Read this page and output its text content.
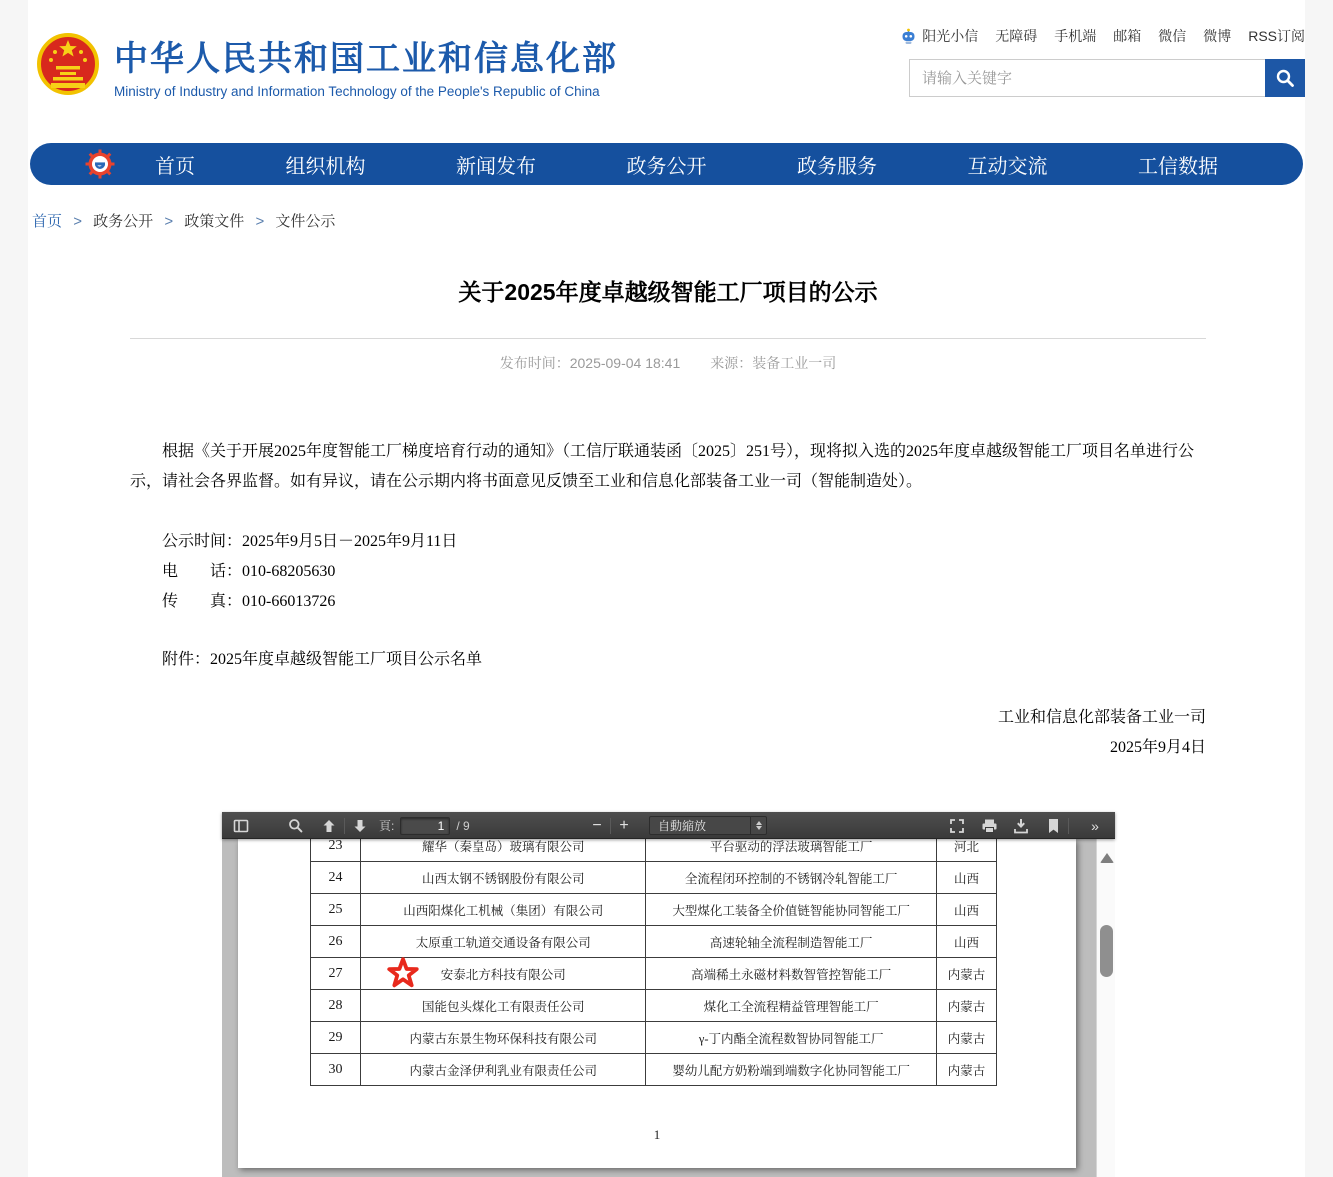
中华人民共和国工业和信息化部
Ministry of Industry and Information Technology of the People's Republic of China
阳光小信 无障碍 手机端 邮箱 微信 微博 RSS订阅
请输入关键字
首页	组织机构	新闻发布	政务公开	政务服务	互动交流	工信数据
首页 > 政务公开 > 政策文件 > 文件公示
关于2025年度卓越级智能工厂项目的公示
发布时间：2025-09-04 18:41 来源：装备工业一司

根据《关于开展2025年度智能工厂梯度培育行动的通知》（工信厅联通装函〔2025〕251号），现将拟入选的2025年度卓越级智能工厂项目名单进行公示，请社会各界监督。如有异议，请在公示期内将书面意见反馈至工业和信息化部装备工业一司（智能制造处）。

公示时间：2025年9月5日－2025年9月11日
电　　话：010-68205630
传　　真：010-66013726
附件：2025年度卓越级智能工厂项目公示名单
工业和信息化部装备工业一司
2025年9月4日
頁:
1	/ 9	− +	自動縮放	»
23	耀华（秦皇岛）玻璃有限公司	平台驱动的浮法玻璃智能工厂	河北
24	山西太钢不锈钢股份有限公司	全流程闭环控制的不锈钢冷轧智能工厂	山西
25	山西阳煤化工机械（集团）有限公司	大型煤化工装备全价值链智能协同智能工厂	山西
26	太原重工轨道交通设备有限公司	高速轮轴全流程制造智能工厂	山西
27	安泰北方科技有限公司	高端稀土永磁材料数智管控智能工厂	内蒙古
28	国能包头煤化工有限责任公司	煤化工全流程精益管理智能工厂	内蒙古
29	内蒙古东景生物环保科技有限公司	γ-丁内酯全流程数智协同智能工厂	内蒙古
30	内蒙古金泽伊利乳业有限责任公司	婴幼儿配方奶粉端到端数字化协同智能工厂	内蒙古
1
